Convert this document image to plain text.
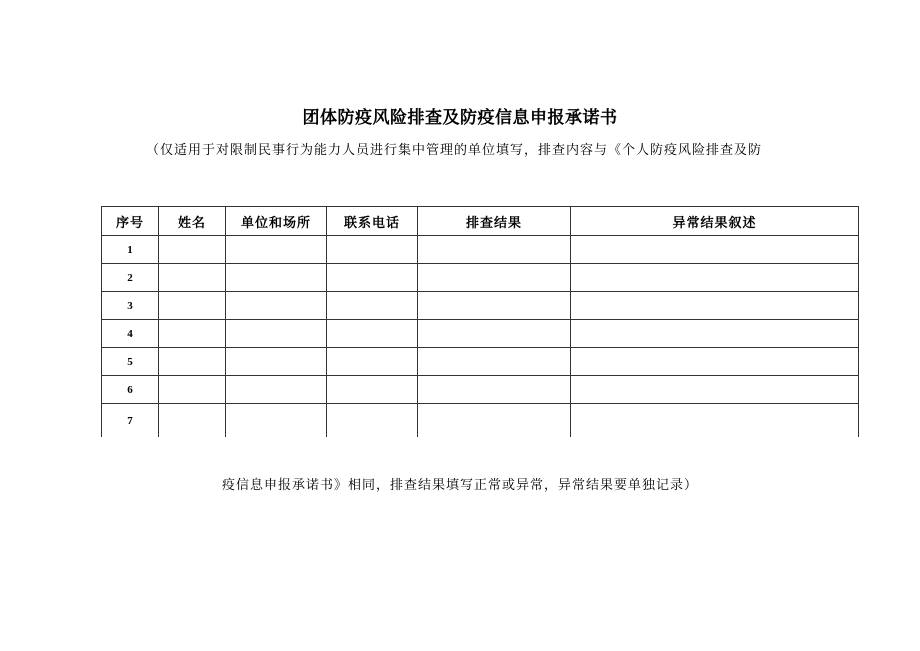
团体防疫风险排查及防疫信息申报承诺书
（仅适用于对限制民事行为能力人员进行集中管理的单位填写，排查内容与《个人防疫风险排查及防
序号	姓名	单位和场所	联系电话	排查结果	异常结果叙述
1					
2					
3					
4					
5					
6					
7					
疫信息申报承诺书》相同，排查结果填写正常或异常，异常结果要单独记录）
